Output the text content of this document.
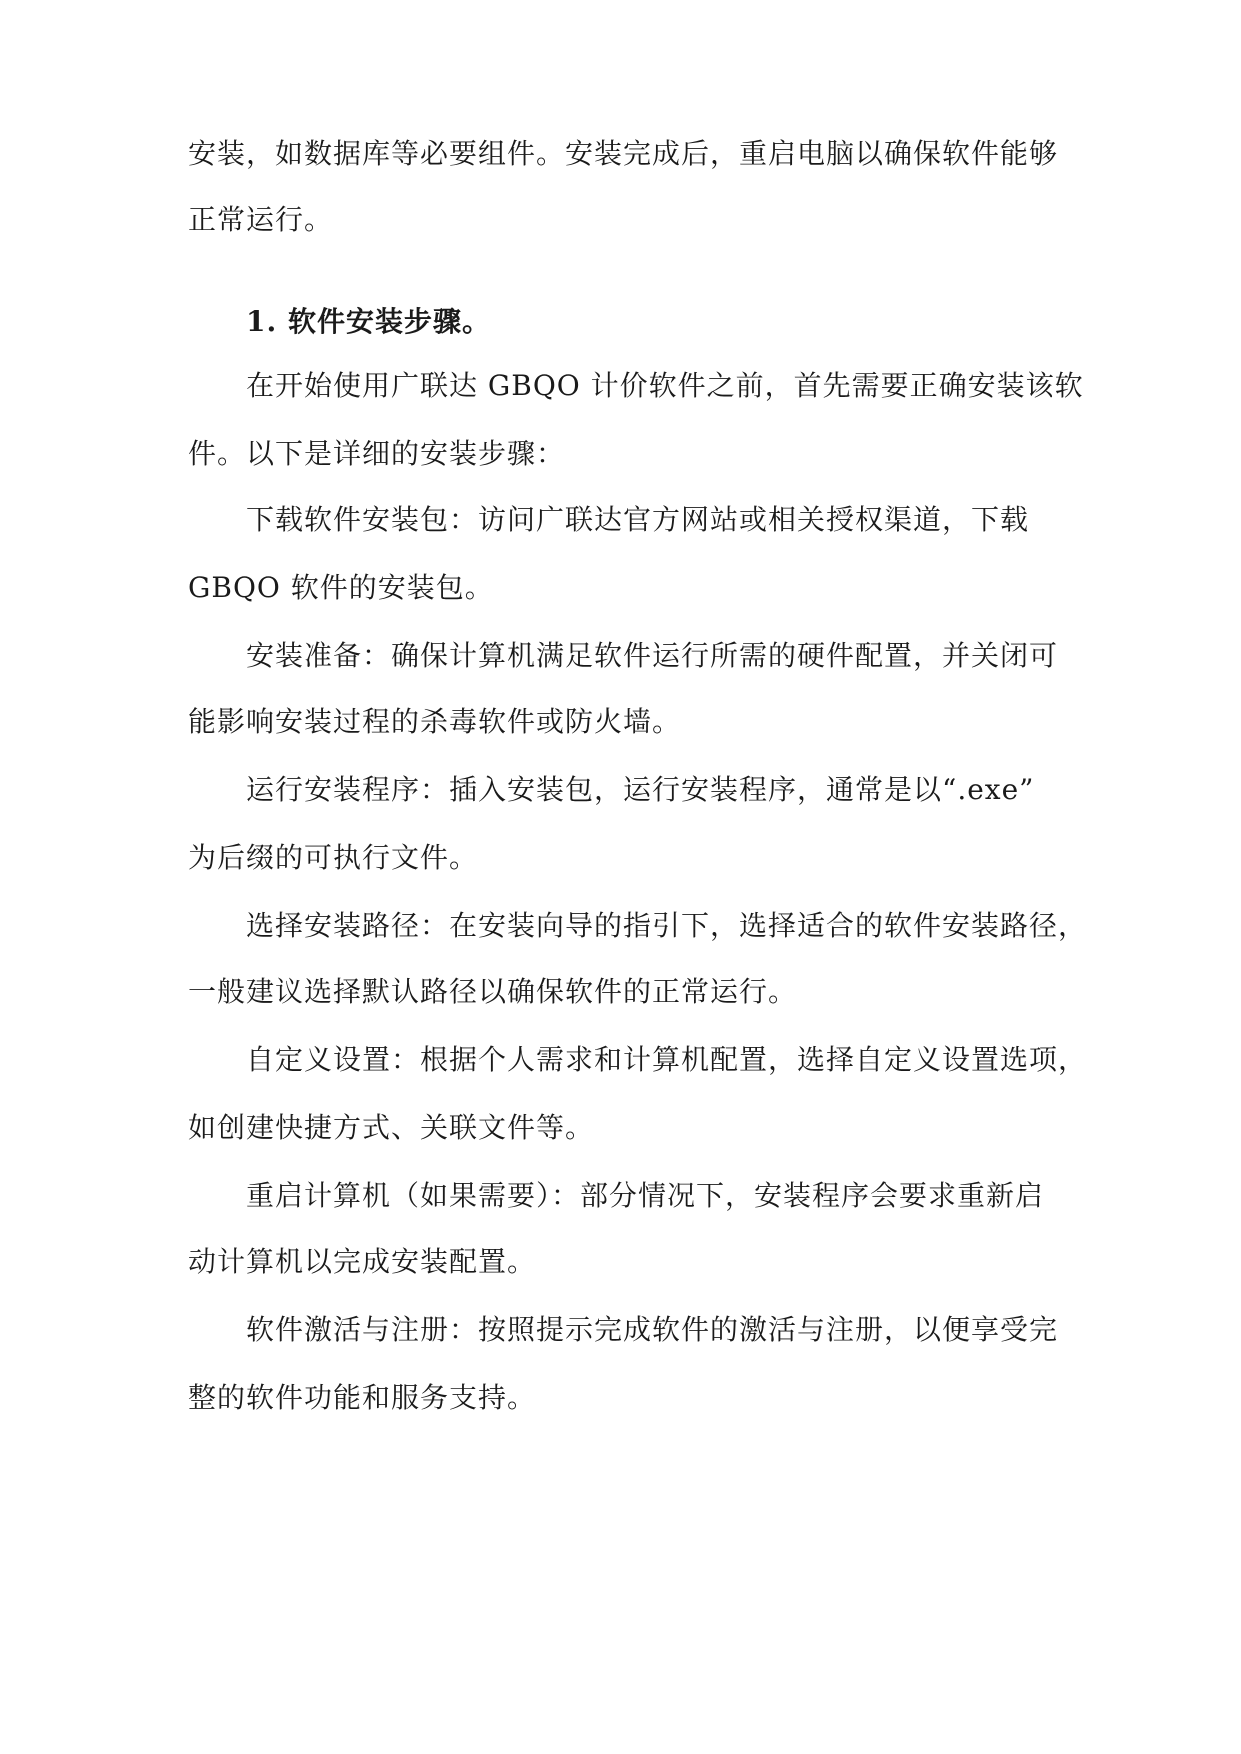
安装，如数据库等必要组件。安装完成后，重启电脑以确保软件能够
正常运行。
1. 软件安装步骤。
在开始使用广联达 GBQO 计价软件之前，首先需要正确安装该软
件。以下是详细的安装步骤：
下载软件安装包：访问广联达官方网站或相关授权渠道，下载
GBQO 软件的安装包。
安装准备：确保计算机满足软件运行所需的硬件配置，并关闭可
能影响安装过程的杀毒软件或防火墙。
运行安装程序：插入安装包，运行安装程序，通常是以“.exe”
为后缀的可执行文件。
选择安装路径：在安装向导的指引下，选择适合的软件安装路径，
一般建议选择默认路径以确保软件的正常运行。
自定义设置：根据个人需求和计算机配置，选择自定义设置选项，
如创建快捷方式、关联文件等。
重启计算机（如果需要）：部分情况下，安装程序会要求重新启
动计算机以完成安装配置。
软件激活与注册：按照提示完成软件的激活与注册，以便享受完
整的软件功能和服务支持。
